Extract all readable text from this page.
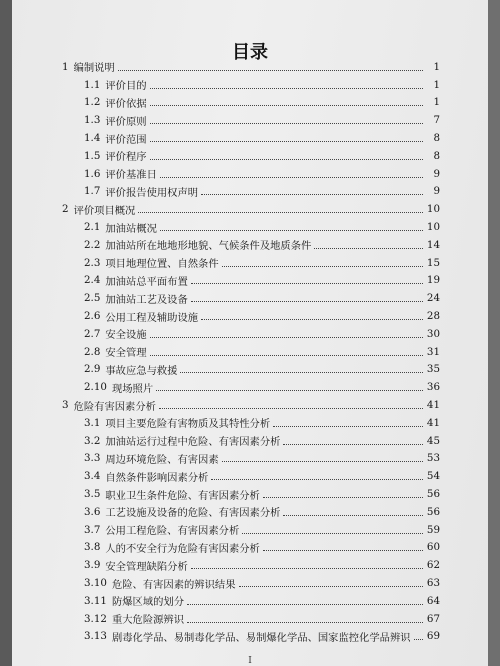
目录
1 编制说明	1
1.1 评价目的	1
1.2 评价依据	1
1.3 评价原则	7
1.4 评价范围	8
1.5 评价程序	8
1.6 评价基准日	9
1.7 评价报告使用权声明	9
2 评价项目概况	10
2.1 加油站概况	10
2.2 加油站所在地地形地貌、气候条件及地质条件	14
2.3 项目地理位置、自然条件	15
2.4 加油站总平面布置	19
2.5 加油站工艺及设备	24
2.6 公用工程及辅助设施	28
2.7 安全设施	30
2.8 安全管理	31
2.9 事故应急与救援	35
2.10 现场照片	36
3 危险有害因素分析	41
3.1 项目主要危险有害物质及其特性分析	41
3.2 加油站运行过程中危险、有害因素分析	45
3.3 周边环境危险、有害因素	53
3.4 自然条件影响因素分析	54
3.5 职业卫生条件危险、有害因素分析	56
3.6 工艺设施及设备的危险、有害因素分析	56
3.7 公用工程危险、有害因素分析	59
3.8 人的不安全行为危险有害因素分析	60
3.9 安全管理缺陷分析	62
3.10 危险、有害因素的辨识结果	63
3.11 防爆区域的划分	64
3.12 重大危险源辨识	67
3.13 剧毒化学品、易制毒化学品、易制爆化学品、国家监控化学品辨识 69
I
